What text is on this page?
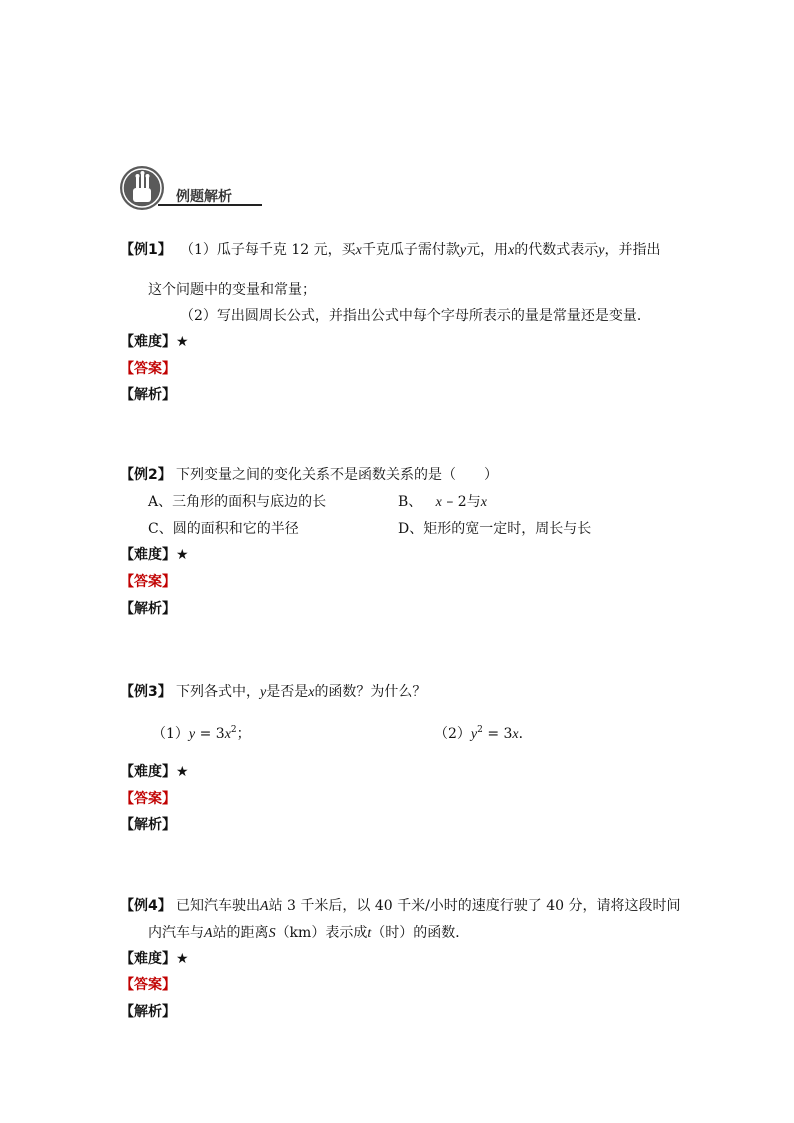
例题解析
【例1】 （1）瓜子每千克 12 元，买x千克瓜子需付款y元，用x的代数式表示y，并指出
这个问题中的变量和常量；
（2）写出圆周长公式，并指出公式中每个字母所表示的量是常量还是变量．
【难度】★
【答案】
【解析】
【例2】 下列变量之间的变化关系不是函数关系的是（　　）
A、三角形的面积与底边的长	B、 x – 2与x
C、圆的面积和它的半径	D、矩形的宽一定时，周长与长
【难度】★
【答案】
【解析】
【例3】 下列各式中，y是否是x的函数？为什么？
$(1)y = 3x^2$；	$(2)y^2 = 3x$．
【难度】★
【答案】
【解析】
【例4】 已知汽车驶出A站 3 千米后，以 40 千米/小时的速度行驶了 40 分，请将这段时间
内汽车与A站的距离S（km）表示成t（时）的函数．
【难度】★
【答案】
【解析】
